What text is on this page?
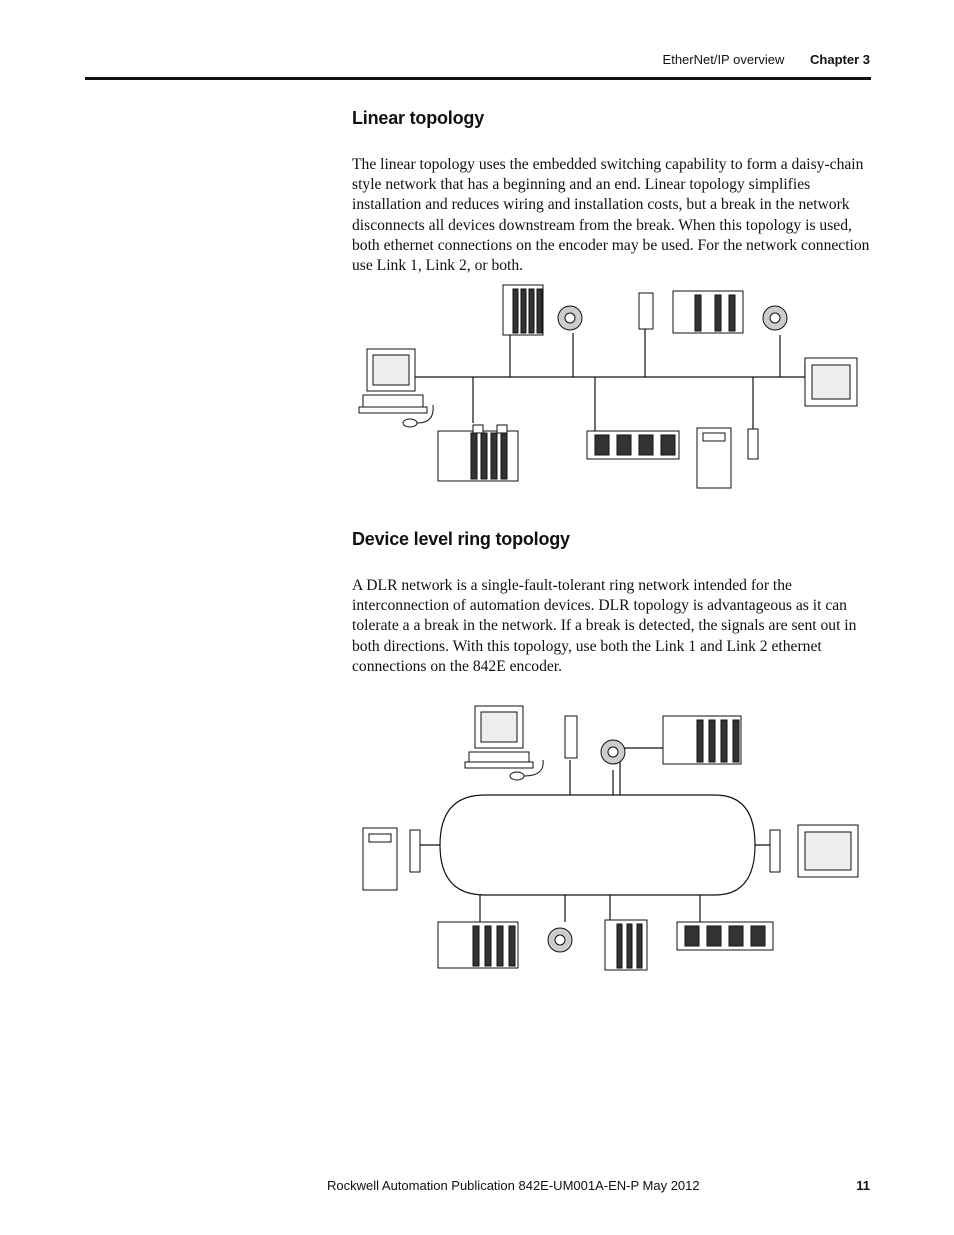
EtherNet/IP overview Chapter 3
Linear topology

The linear topology uses the embedded switching capability to form a daisy-chain style network that has a beginning and an end. Linear topology simplifies installation and reduces wiring and installation costs, but a break in the network disconnects all devices downstream from the break. When this topology is used, both ethernet connections on the encoder may be used. For the network connection use Link 1, Link 2, or both.

Device level ring topology

A DLR network is a single-fault-tolerant ring network intended for the interconnection of automation devices. DLR topology is advantageous as it can tolerate a a break in the network. If a break is detected, the signals are sent out in both directions. With this topology, use both the Link 1 and Link 2 ethernet connections on the 842E encoder.

Rockwell Automation Publication 842E-UM001A-EN-P May 2012	11
